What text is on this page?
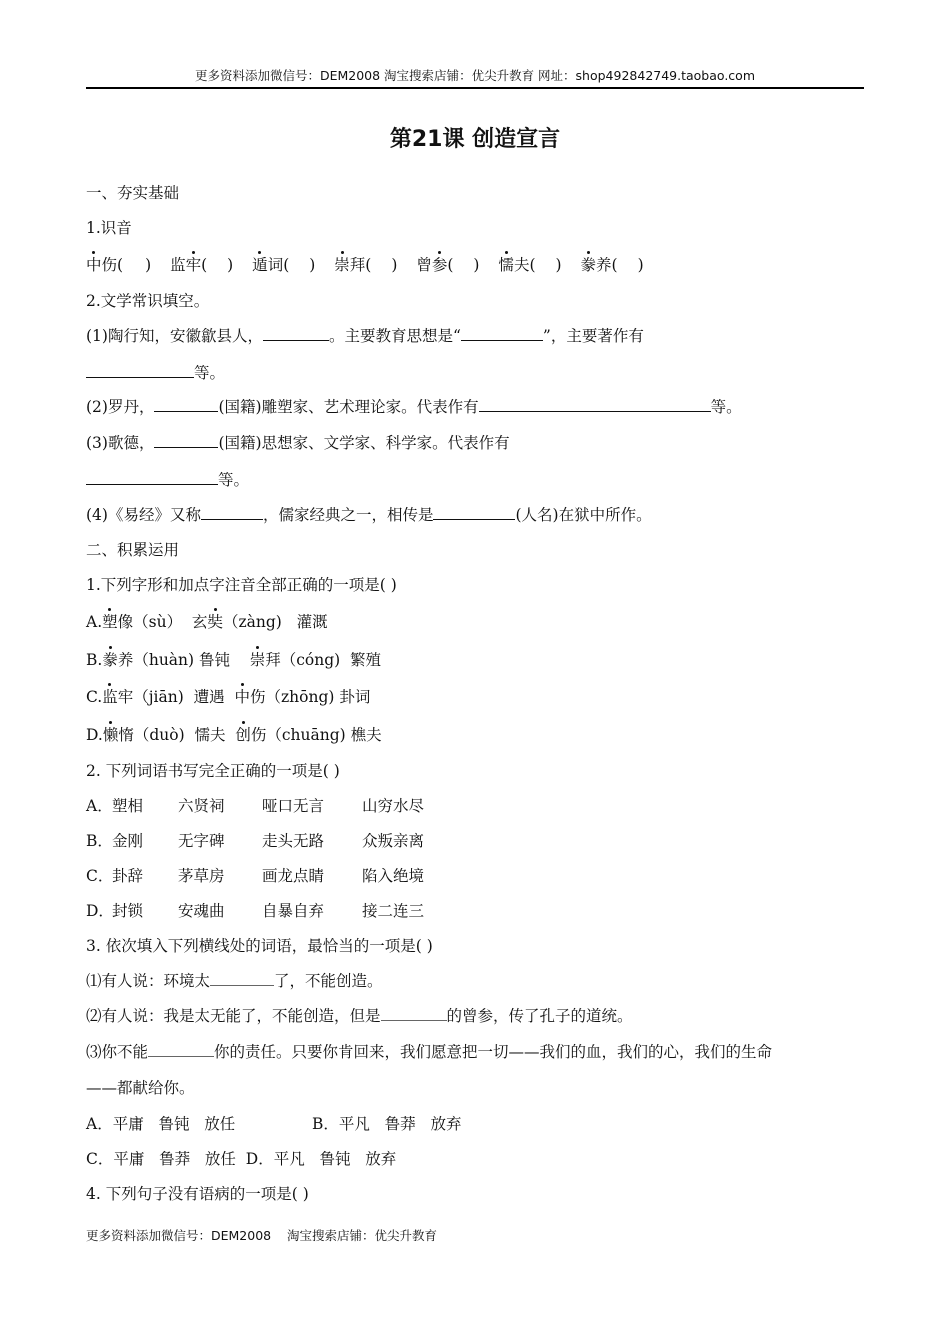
更多资料添加微信号：DEM2008 淘宝搜索店铺：优尖升教育 网址：shop492842749.taobao.com
第21课 创造宣言
一、夯实基础
1.识音
中伤( ) 监牢( ) 遁词( ) 崇拜( ) 曾参( ) 懦夫( ) 豢养( )
2.文学常识填空。
(1)陶行知，安徽歙县人，	。主要教育思想是“	”，主要著作有
等。
(2)罗丹，	(国籍)雕塑家、艺术理论家。代表作有	等。
(3)歌德，	(国籍)思想家、文学家、科学家。代表作有
等。
(4)《易经》又称	，儒家经典之一，相传是	(人名)在狱中所作。
二、积累运用
1.下列字形和加点字注音全部正确的一项是( )
A.塑像（sù）  玄奘（zàng)   灌溉
B.豢养（huàn) 鲁钝    崇拜（cóng)  繁殖
C.监牢（jiān)  遭遇  中伤（zhōng) 卦词
D.懒惰（duò)  懦夫  创伤（chuāng) 樵夫
2. 下列词语书写完全正确的一项是( )
A．塑相 六贤祠 哑口无言 山穷水尽
B．金刚 无字碑 走头无路 众叛亲离
C．卦辞 茅草房 画龙点睛 陷入绝境
D．封锁 安魂曲 自暴自弃 接二连三
3. 依次填入下列横线处的词语，最恰当的一项是( )
⑴有人说：环境太	了，不能创造。
⑵有人说：我是太无能了，不能创造，但是	的曾参，传了孔子的道统。
⑶你不能	你的责任。只要你肯回来，我们愿意把一切——我们的血，我们的心，我们的生命
——都献给你。
A．平庸   鲁钝   放任	B．平凡   鲁莽   放弃
C．平庸   鲁莽   放任  D．平凡   鲁钝   放弃
4. 下列句子没有语病的一项是( )
更多资料添加微信号：DEM2008    淘宝搜索店铺：优尖升教育
